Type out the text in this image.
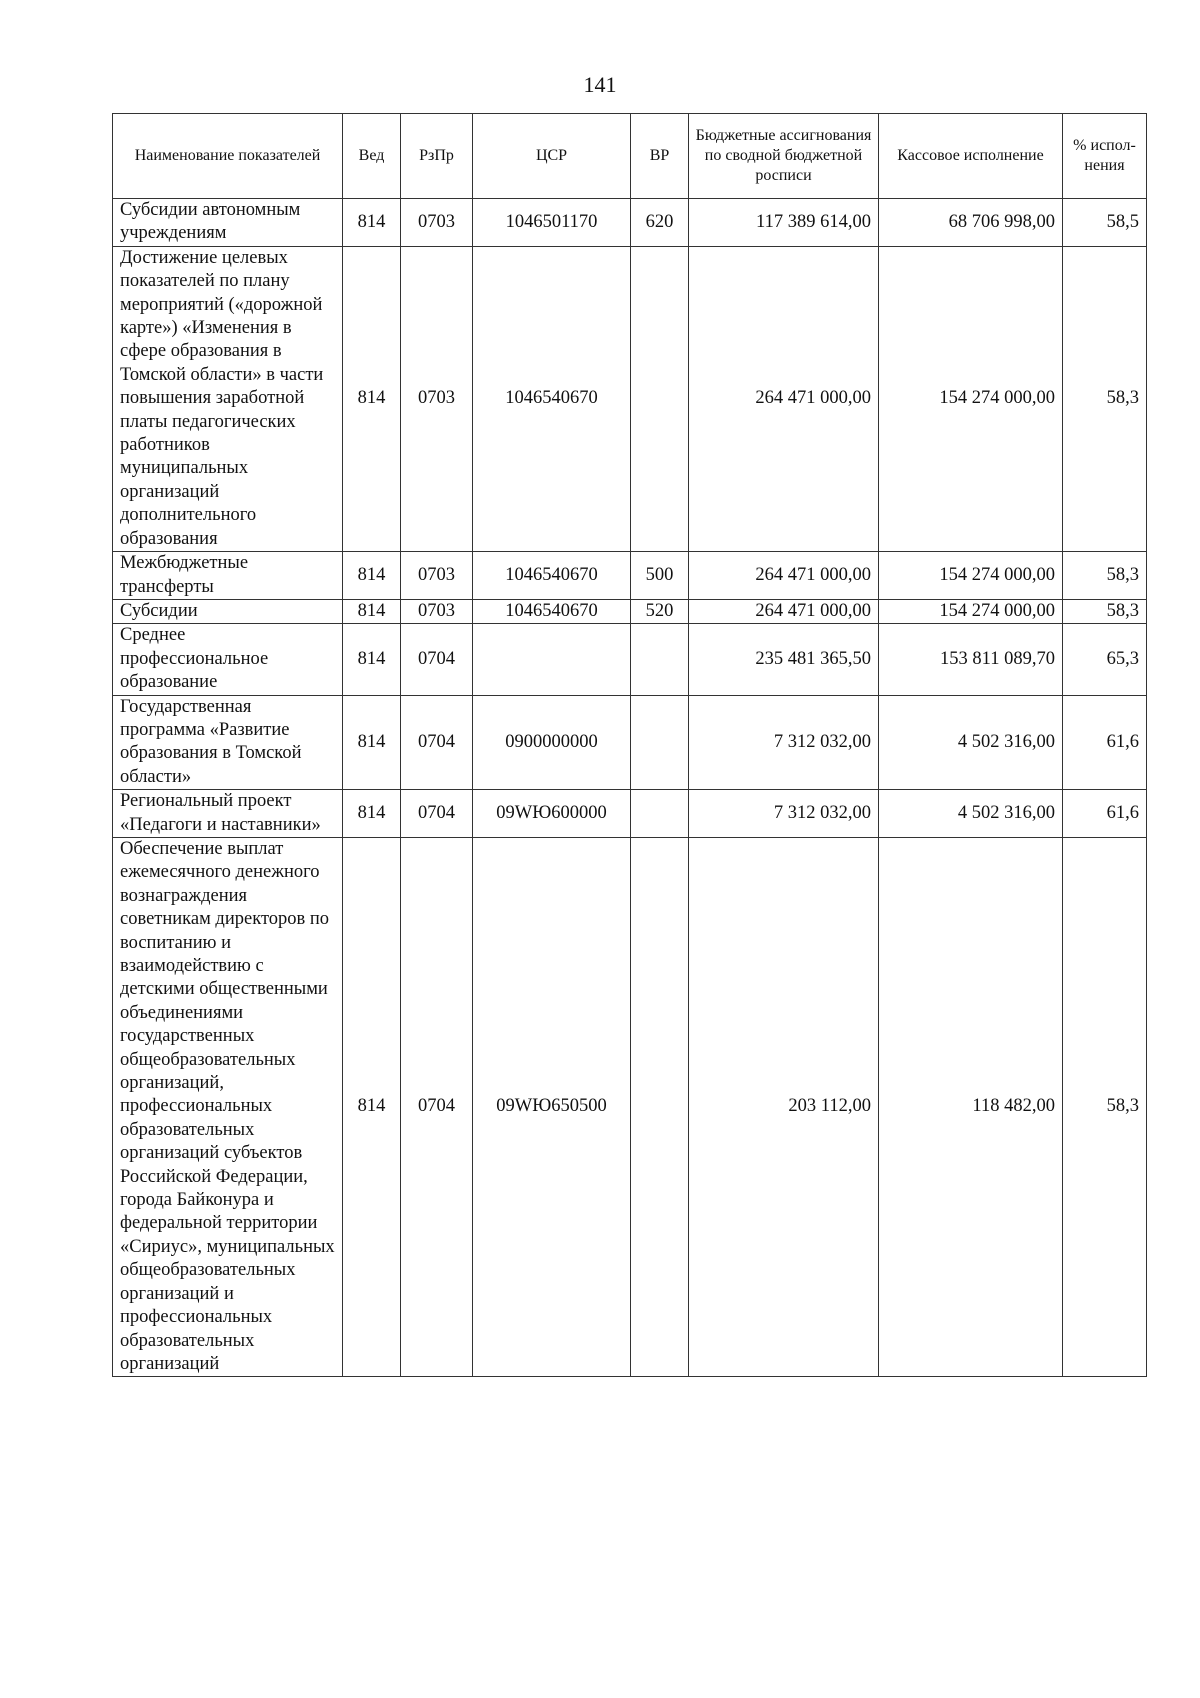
141
Наименование показателей	Вед	РзПр	ЦСР	ВР	Бюджетные ассигнования по сводной бюджетной росписи	Кассовое исполнение	% испол-нения
Субсидии автономным учреждениям	814	0703	1046501170	620	117 389 614,00	68 706 998,00	58,5
Достижение целевых показателей по плану мероприятий («дорожной карте») «Изменения в сфере образования в Томской области» в части повышения заработной платы педагогических работников муниципальных организаций дополнительного образования	814	0703	1046540670		264 471 000,00	154 274 000,00	58,3
Межбюджетные трансферты	814	0703	1046540670	500	264 471 000,00	154 274 000,00	58,3
Субсидии	814	0703	1046540670	520	264 471 000,00	154 274 000,00	58,3
Среднее профессиональное образование	814	0704			235 481 365,50	153 811 089,70	65,3
Государственная программа «Развитие образования в Томской области»	814	0704	0900000000		7 312 032,00	4 502 316,00	61,6
Региональный проект «Педагоги и наставники»	814	0704	09WЮ600000		7 312 032,00	4 502 316,00	61,6
Обеспечение выплат ежемесячного денежного вознаграждения советникам директоров по воспитанию и взаимодействию с детскими общественными объединениями государственных общеобразовательных организаций, профессиональных образовательных организаций субъектов Российской Федерации, города Байконура и федеральной территории «Сириус», муниципальных общеобразовательных организаций и профессиональных образовательных организаций	814	0704	09WЮ650500		203 112,00	118 482,00	58,3
